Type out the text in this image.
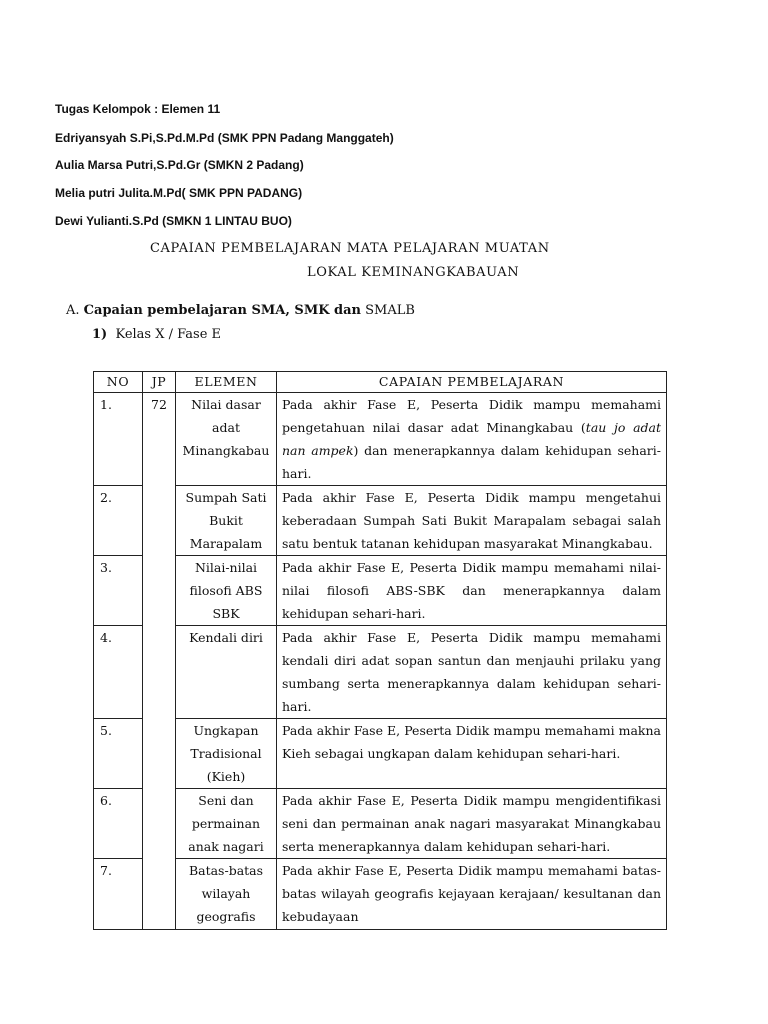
Tugas Kelompok : Elemen 11
Edriyansyah S.Pi,S.Pd.M.Pd (SMK PPN Padang Manggateh)
Aulia Marsa Putri,S.Pd.Gr (SMKN 2 Padang)
Melia putri Julita.M.Pd( SMK PPN PADANG)
Dewi Yulianti.S.Pd (SMKN 1 LINTAU BUO)
CAPAIAN PEMBELAJARAN MATA PELAJARAN MUATAN
LOKAL KEMINANGKABAUAN
A. Capaian pembelajaran SMA, SMK dan SMALB
1) Kelas X / Fase E
NO	JP	ELEMEN	CAPAIAN PEMBELAJARAN
1.	72	Nilai dasar adat Minangkabau	Pada akhir Fase E, Peserta Didik mampu memahami pengetahuan nilai dasar adat Minangkabau (tau jo adat nan ampek) dan menerapkannya dalam kehidupan sehari-hari.
2.		Sumpah Sati Bukit Marapalam	Pada akhir Fase E, Peserta Didik mampu mengetahui keberadaan Sumpah Sati Bukit Marapalam sebagai salah satu bentuk tatanan kehidupan masyarakat Minangkabau.
3.		Nilai-nilai filosofi ABS SBK	Pada akhir Fase E, Peserta Didik mampu memahami nilai-nilai filosofi ABS-SBK dan menerapkannya dalam kehidupan sehari-hari.
4.		Kendali diri	Pada akhir Fase E, Peserta Didik mampu memahami kendali diri adat sopan santun dan menjauhi prilaku yang sumbang serta menerapkannya dalam kehidupan sehari-hari.
5.		Ungkapan Tradisional (Kieh)	Pada akhir Fase E, Peserta Didik mampu memahami makna Kieh sebagai ungkapan dalam kehidupan sehari-hari.
6.		Seni dan permainan anak nagari	Pada akhir Fase E, Peserta Didik mampu mengidentifikasi seni dan permainan anak nagari masyarakat Minangkabau serta menerapkannya dalam kehidupan sehari-hari.
7.		Batas-batas wilayah geografis	Pada akhir Fase E, Peserta Didik mampu memahami batas-batas wilayah geografis kejayaan kerajaan/ kesultanan dan kebudayaan
